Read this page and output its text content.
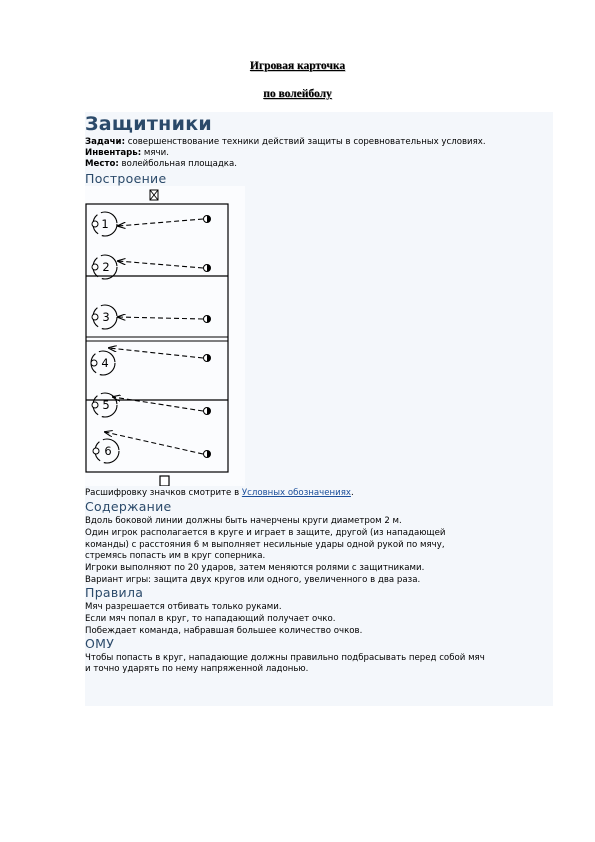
Игровая карточка
по волейболу
Защитники
Задачи: совершенствование техники действий защиты в соревновательных условиях.
Инвентарь: мячи.
Место: волейбольная площадка.
Построение
1
2
3
4
5
6
Расшифровку значков смотрите в Условных обозначениях.
Содержание
Вдоль боковой линии должны быть начерчены круги диаметром 2 м.
Один игрок располагается в круге и играет в защите, другой (из нападающей
команды) с расстояния 6 м выполняет несильные удары одной рукой по мячу,
стремясь попасть им в круг соперника.
Игроки выполняют по 20 ударов, затем меняются ролями с защитниками.
Вариант игры: защита двух кругов или одного, увеличенного в два раза.
Правила
Мяч разрешается отбивать только руками.
Если мяч попал в круг, то нападающий получает очко.
Побеждает команда, набравшая большее количество очков.
ОМУ
Чтобы попасть в круг, нападающие должны правильно подбрасывать перед собой мяч
и точно ударять по нему напряженной ладонью.
